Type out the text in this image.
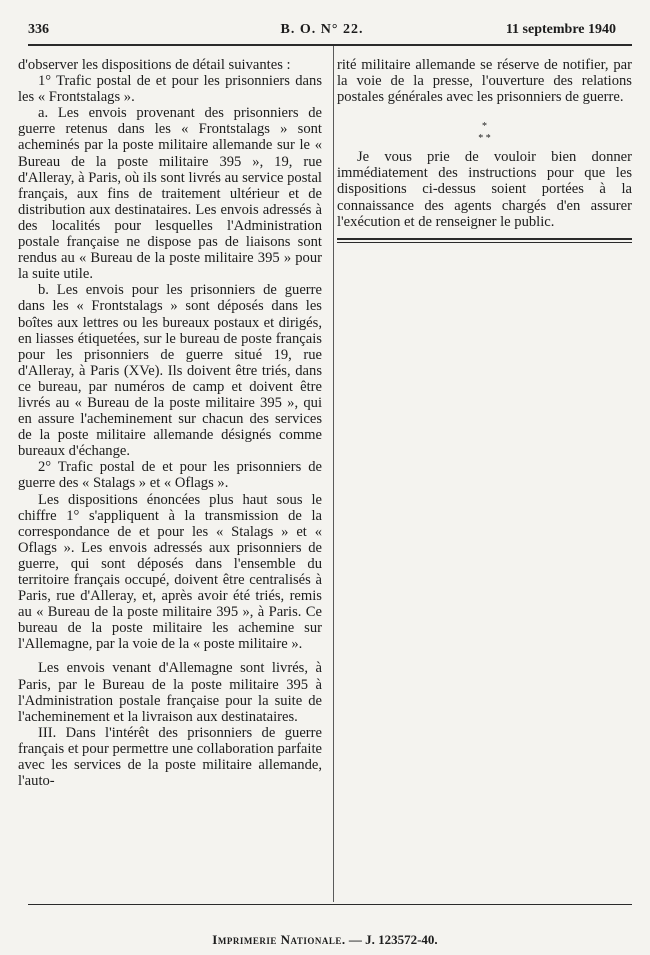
336	B. O. N° 22.	11 septembre 1940

d'observer les dispositions de détail suivantes :

1° Trafic postal de et pour les prisonniers dans les « Frontstalags ».

a. Les envois provenant des prisonniers de guerre retenus dans les « Frontstalags » sont acheminés par la poste militaire allemande sur le « Bureau de la poste militaire 395 », 19, rue d'Alleray, à Paris, où ils sont livrés au service postal français, aux fins de traitement ultérieur et de distribution aux destinataires. Les envois adressés à des localités pour lesquelles l'Administration postale française ne dispose pas de liaisons sont rendus au « Bureau de la poste militaire 395 » pour la suite utile.

b. Les envois pour les prisonniers de guerre dans les « Frontstalags » sont déposés dans les boîtes aux lettres ou les bureaux postaux et dirigés, en liasses étiquetées, sur le bureau de poste français pour les prisonniers de guerre situé 19, rue d'Alleray, à Paris (XVe). Ils doivent être triés, dans ce bureau, par numéros de camp et doivent être livrés au « Bureau de la poste militaire 395 », qui en assure l'acheminement sur chacun des services de la poste militaire allemande désignés comme bureaux d'échange.

2° Trafic postal de et pour les prisonniers de guerre des « Stalags » et « Oflags ».

Les dispositions énoncées plus haut sous le chiffre 1° s'appliquent à la transmission de la correspondance de et pour les « Stalags » et « Oflags ». Les envois adressés aux prisonniers de guerre, qui sont déposés dans l'ensemble du territoire français occupé, doivent être centralisés à Paris, rue d'Alleray, et, après avoir été triés, remis au « Bureau de la poste militaire 395 », à Paris. Ce bureau de la poste militaire les achemine sur l'Allemagne, par la voie de la « poste militaire ».

Les envois venant d'Allemagne sont livrés, à Paris, par le Bureau de la poste militaire 395 à l'Administration postale française pour la suite de l'acheminement et la livraison aux destinataires.

III. Dans l'intérêt des prisonniers de guerre français et pour permettre une collaboration parfaite avec les services de la poste militaire allemande, l'auto-

rité militaire allemande se réserve de notifier, par la voie de la presse, l'ouverture des relations postales générales avec les prisonniers de guerre.

*
* *

Je vous prie de vouloir bien donner immédiatement des instructions pour que les dispositions ci-dessus soient portées à la connaissance des agents chargés d'en assurer l'exécution et de renseigner le public.

Imprimerie Nationale. — J. 123572-40.
